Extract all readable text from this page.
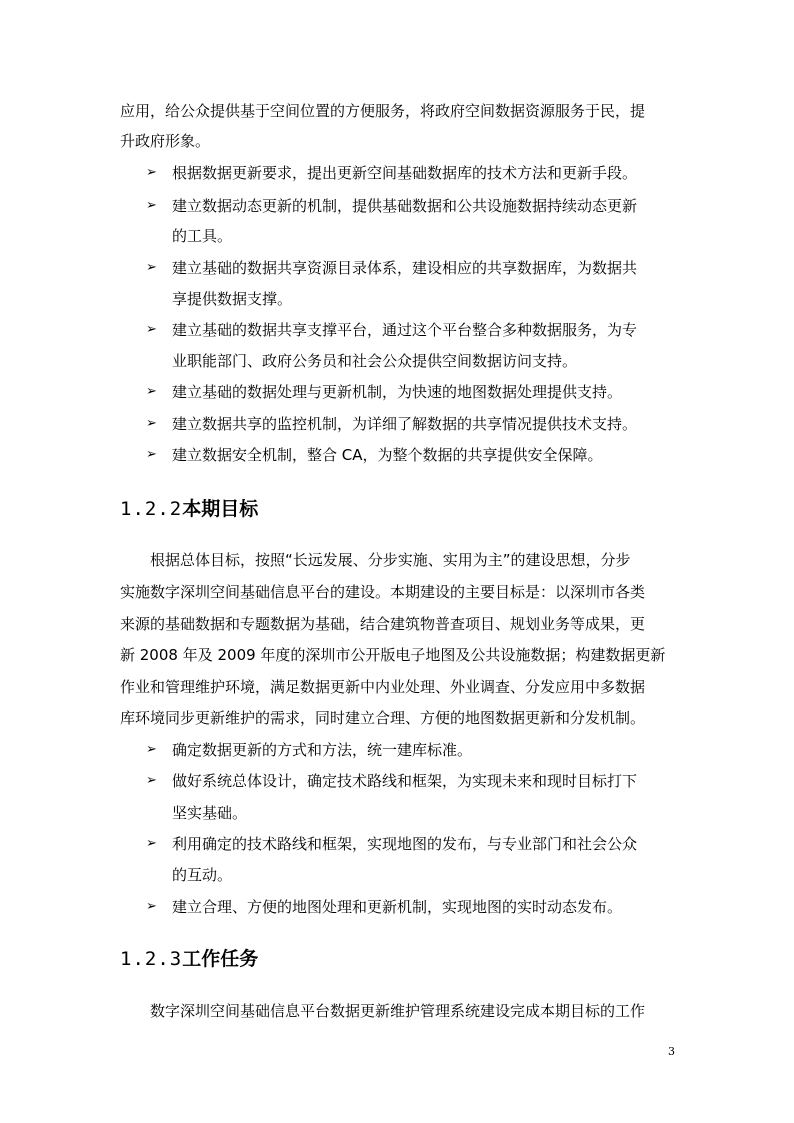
应用，给公众提供基于空间位置的方便服务，将政府空间数据资源服务于民，提
升政府形象。
➢ 根据数据更新要求，提出更新空间基础数据库的技术方法和更新手段。
➢ 建立数据动态更新的机制，提供基础数据和公共设施数据持续动态更新
的工具。
➢ 建立基础的数据共享资源目录体系，建设相应的共享数据库，为数据共
享提供数据支撑。
➢ 建立基础的数据共享支撑平台，通过这个平台整合多种数据服务，为专
业职能部门、政府公务员和社会公众提供空间数据访问支持。
➢ 建立基础的数据处理与更新机制，为快速的地图数据处理提供支持。
➢ 建立数据共享的监控机制，为详细了解数据的共享情况提供技术支持。
➢ 建立数据安全机制，整合 CA，为整个数据的共享提供安全保障。
1.2.2本期目标
根据总体目标，按照“长远发展、分步实施、实用为主”的建设思想，分步
实施数字深圳空间基础信息平台的建设。本期建设的主要目标是：以深圳市各类
来源的基础数据和专题数据为基础，结合建筑物普查项目、规划业务等成果，更
新 2008 年及 2009 年度的深圳市公开版电子地图及公共设施数据；构建数据更新
作业和管理维护环境，满足数据更新中内业处理、外业调查、分发应用中多数据
库环境同步更新维护的需求，同时建立合理、方便的地图数据更新和分发机制。
➢ 确定数据更新的方式和方法，统一建库标准。
➢ 做好系统总体设计，确定技术路线和框架，为实现未来和现时目标打下
坚实基础。
➢ 利用确定的技术路线和框架，实现地图的发布，与专业部门和社会公众
的互动。
➢ 建立合理、方便的地图处理和更新机制，实现地图的实时动态发布。
1.2.3工作任务
数字深圳空间基础信息平台数据更新维护管理系统建设完成本期目标的工作
3
